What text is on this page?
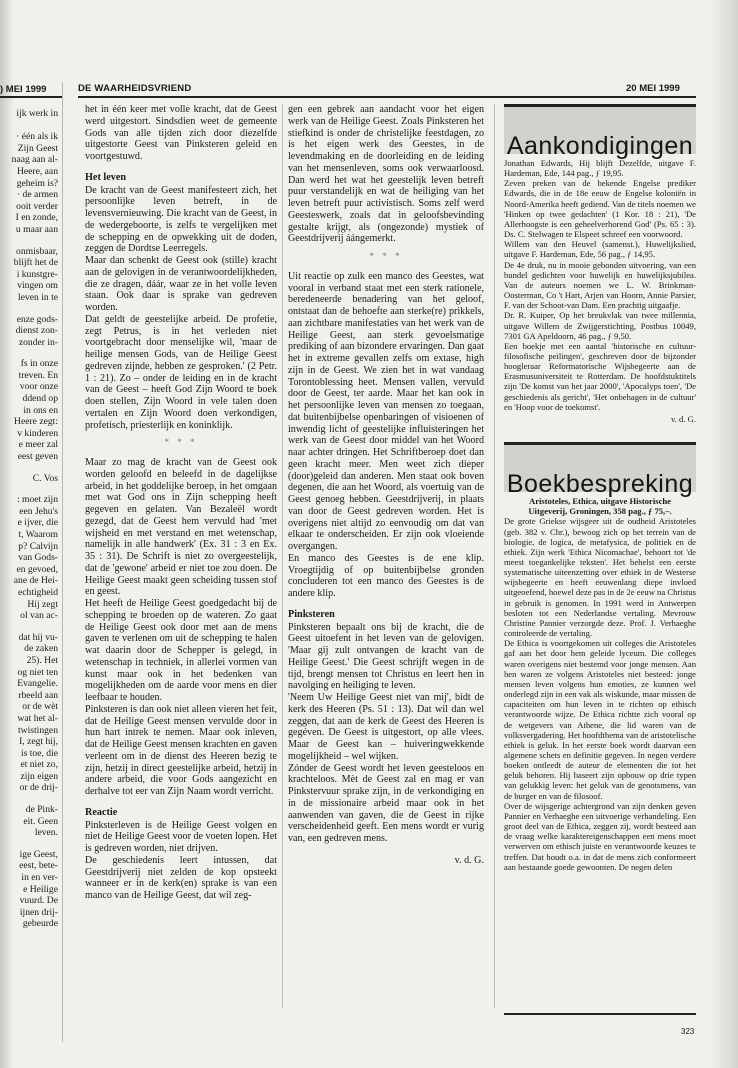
) MEI 1999
ijk werk in

· één als ik
Zijn Geest
naag aan al-
Heere, aan
geheim is?
· de armen
ooit verder
I en zonde,
u maar aan
onmisbaar,
blijft het de
i kunstgre-
vingen om
leven in te
enze gods-
dienst zon-
zonder in-
fs in onze
treven. En
voor onze
ddend op
in ons en
Heere zegt:
v kinderen
e meer zal
eest geven
C. Vos
: moet zijn
een Jehu's
e ijver, die
t, Waarom
p? Calvijn
van Gods-
en gevoed,
ane de Hei-
echtigheid
Hij zegt
ol van ac-
dat hij vu-
de zaken
25). Het
og niet ten
Evangelie.
rbeeld aan
or de wèt
wat het al-
twistingen
I, zegt hij,
is toe, die
et niet zo,
zijn eigen
or de drij-
de Pink-
eit. Geen
leven.
ige Geest,
eest, bete-
in en ver-
e Heilige
vuurd. De
ijnen drij-
gebeurde
DE WAARHEIDSVRIEND	20 MEI 1999

het in één keer met volle kracht, dat de Geest werd uitgestort. Sindsdien weet de gemeente Gods van alle tijden zich door diezelfde uitgestorte Geest van Pinksteren geleid en voortgestuwd.

Het leven

De kracht van de Geest manifesteert zich, het persoonlijke leven betreft, in de levensvernieuwing. Die kracht van de Geest, in de wedergeboorte, is zelfs te vergelijken met de schepping en de opwekking uit de doden, zeggen de Dordtse Leerregels.

Maar dan schenkt de Geest ook (stille) kracht aan de gelovigen in de verantwoordelijkheden, die ze dragen, dáár, waar ze in het volle leven staan. Ook daar is sprake van gedreven worden.

Dat geldt de geestelijke arbeid. De profetie, zegt Petrus, is in het verleden niet voortgebracht door menselijke wil, 'maar de heilige mensen Gods, van de Heilige Geest gedreven zijnde, hebben ze gesproken.' (2 Petr. 1 : 21). Zo – onder de leiding en in de kracht van de Geest – heeft God Zijn Woord te boek doen stellen, Zijn Woord in vele talen doen vertalen en Zijn Woord doen verkondigen, profetisch, priesterlijk en koninklijk.

* * *

Maar zo mag de kracht van de Geest ook worden geloofd en beleefd in de dagelijkse arbeid, in het goddelijke beroep, in het omgaan met wat God ons in Zijn schepping heeft gegeven en gelaten. Van Bezaleël wordt gezegd, dat de Geest hem vervuld had 'met wijsheid en met verstand en met wetenschap, namelijk in alle handwerk' (Ex. 31 : 3 en Ex. 35 : 31). De Schrift is niet zo overgeestelijk, dat de 'gewone' arbeid er niet toe zou doen. De Heilige Geest maakt geen scheiding tussen stof en geest.

Het heeft de Heilige Geest goedgedacht bij de schepping te broeden op de wateren. Zo gaat de Heilige Geest ook door met aan de mens gaven te verlenen om uit de schepping te halen wat daarin door de Schepper is gelegd, in wetenschap in techniek, in allerlei vormen van kunst maar ook in het bedenken van mogelijkheden om de aarde voor mens en dier leefbaar te houden.

Pinksteren is dan ook niet alleen vieren het feit, dat de Heilige Geest mensen vervulde door in hun hart intrek te nemen. Maar ook inleven, dat de Heilige Geest mensen krachten en gaven verleent om in de dienst des Heeren bezig te zijn, hetzij in direct geestelijke arbeid, hetzij in andere arbeid, die voor Gods aangezicht en derhalve tot eer van Zijn Naam wordt verricht.

Reactie

Pinksterleven is de Heilige Geest volgen en niet de Heilige Geest voor de voeten lopen. Het is gedreven worden, niet drijven.

De geschiedenis leert intussen, dat Geestdrijverij niet zelden de kop opsteekt wanneer er in de kerk(en) sprake is van een manco van de Heilige Geest, dat wil zeg-

gen een gebrek aan aandacht voor het eigen werk van de Heilige Geest. Zoals Pinksteren het stiefkind is onder de christelijke feestdagen, zo is het eigen werk des Geestes, in de levendmaking en de doorleiding en de leiding van het mensenleven, soms ook verwaarloosd. Dan werd het wat het geestelijk leven betreft puur verstandelijk en wat de heiliging van het leven betreft puur activistisch. Soms zelf werd Geesteswerk, zoals dat in geloofsbevinding gestalte krijgt, als (ongezonde) mystiek of Geestdrijverij áángemerkt.

* * *

Uit reactie op zulk een manco des Geestes, wat vooral in verband staat met een sterk rationele, beredeneerde benadering van het geloof, ontstaat dan de behoefte aan sterke(re) prikkels, aan zichtbare manifestaties van het werk van de Heilige Geest, aan sterk gevoelsmatige prediking of aan bizondere ervaringen. Dan gaat het in extreme gevallen zelfs om extase, high zijn in de Geest. We zien het in wat vandaag Torontoblessing heet. Mensen vallen, vervuld door de Geest, ter aarde. Maar het kan ook in het persoonlijke leven van mensen zo toegaan, dat buitenbijbelse openbaringen of visioenen of inwendig licht of geestelijke influisteringen het werk van de Geest door middel van het Woord naar achter dringen. Het Schriftberoep doet dan geen kracht meer. Men weet zich dieper (door)geleid dan anderen. Men staat ook boven degenen, die aan het Woord, als voertuig van de Geest genoeg hebben. Geestdrijverij, in plaats van door de Geest gedreven worden. Het is overigens niet altijd zo eenvoudig om dat van elkaar te onderscheiden. Er zijn ook vloeiende overgangen.

En manco des Geestes is de ene klip. Vroegtijdig of op buitenbijbelse gronden concluderen tot een manco des Geestes is de andere klip.

Pinksteren

Pinksteren bepaalt ons bij de kracht, die de Geest uitoefent in het leven van de gelovigen. 'Maar gij zult ontvangen de kracht van de Heilige Geest.' Die Geest schrijft wegen in de tijd, brengt mensen tot Christus en leert hen in navolging en heiliging te leven.

'Neem Uw Heilige Geest niet van mij', bidt de kerk des Heeren (Ps. 51 : 13). Dat wil dan wel zeggen, dat aan de kerk de Geest des Heeren is gegéven. De Geest is uitgestort, op alle vlees. Maar de Geest kan – huiveringwekkende mogelijkheid – wel wijken.

Zónder de Geest wordt het leven geesteloos en krachteloos. Mèt de Geest zal en mag er van Pinkstervuur sprake zijn, in de verkondiging en in de missionaire arbeid maar ook in het aanwenden van gaven, die de Geest in rijke verscheidenheid geeft. Een mens wordt er vurig van, een gedreven mens.

v. d. G.
Aankondigingen

Jonathan Edwards, Hij blijft Dezelfde, uitgave F. Hardeman, Ede, 144 pag., ƒ 19,95.

Zeven preken van de bekende Engelse prediker Edwards, die in de 18e eeuw de Engelse koloniën in Noord-Amerika heeft gediend. Van de titels noemen we 'Hinken op twee gedachten' (1 Kor. 18 : 21), 'De Allerhoogste is een geheelverhorend God' (Ps. 65 : 3). Ds. C. Stelwagen te Elspeet schreef een voorwoord.

Willem van den Heuvel (samenst.), Huwelijkslied, uitgave F. Hardeman, Ede, 56 pag., ƒ 14,95.

De 4e druk, nu in mooie gebonden uitvoering, van een bundel gedichten voor huwelijk en huwelijksjubilea. Van de auteurs noemen we L. W. Brinkman-Oosterman, Co 't Hart, Arjen van Hoorn, Annie Parsier, F. van der Schoot-van Dam. Een prachtig uitgaafje.

Dr. R. Kuiper, Op het breukvlak van twee millennia, uitgave Willem de Zwijgerstichting, Postbus 10049, 7301 GA Apeldoorn, 46 pag., ƒ 9,50.

Een boekje met een aantal 'historische en cultuur-filosofische peilingen', geschreven door de bijzonder hoogleraar Reformatorische Wijsbegeerte aan de Erasmusuniversiteit te Rotterdam. De hoofdstuktitels zijn 'De komst van het jaar 2000', 'Apocalyps toen', 'De geschiedenis als gericht', 'Het onbehagen in de cultuur' en 'Hoop voor de toekomst'.

v. d. G.
Boekbespreking

Aristoteles, Ethica, uitgave Historische Uitgeverij, Groningen, 358 pag., ƒ 75,–.

De grote Griekse wijsgeer uit de oudheid Aristoteles (geb. 382 v. Chr.), bewoog zich op het terrein van de biologie, de logica, de metafysica, de politiek en de ethiek. Zijn werk 'Ethica Nicomachae', behoort tot 'de meest toegankelijke teksten'. Het behelst een eerste systematische uiteenzetting over ethiek in de Westerse wijsbegeerte en heeft eeuwenlang diepe invloed uitgeoefend, hoewel deze pas in de 2e eeuw na Christus in gebruik is genomen. In 1991 werd in Antwerpen besloten tot een Nederlandse vertaling. Mevrouw Christine Pannier verzorgde deze. Prof. J. Verhaeghe controleerde de vertaling.

De Ethica is voortgekomen uit colleges die Aristoteles gaf aan het door hem geleide lyceum. Die colleges waren overigens niet bestemd voor jonge mensen. Aan hen waren ze volgens Aristoteles niet besteed: jonge mensen leven volgens hun emoties, ze kunnen wel onderlegd zijn in een vak als wiskunde, maar missen de capaciteiten om hun leven in te richten op ethisch verantwoorde wijze. De Ethica richtte zich vooral op de wetgevers van Athene, die lid waren van de volksvergadering. Het hoofdthema van de aristotelische ethiek is geluk. In het eerste boek wordt daarvan een algemene schets en definitie gegeven. In negen verdere boeken ontleedt de auteur de elementen die tot het geluk behoren. Hij baseert zijn opbouw op drie typen van gelukkig leven: het geluk van de genotsmens, van de burger en van de filosoof.

Over de wijsgerige achtergrond van zijn denken geven Pannier en Verhaeghe een uitvoerige verhandeling. Een groot deel van de Ethica, zeggen zij, wordt besteed aan de vraag welke karaktereigenschappen een mens moet verwerven om ethisch juiste en verantwoorde keuzes te treffen. Dat houdt o.a. in dat de mens zich conformeert aan bestaande goede gewoonten. De negen delen

323
